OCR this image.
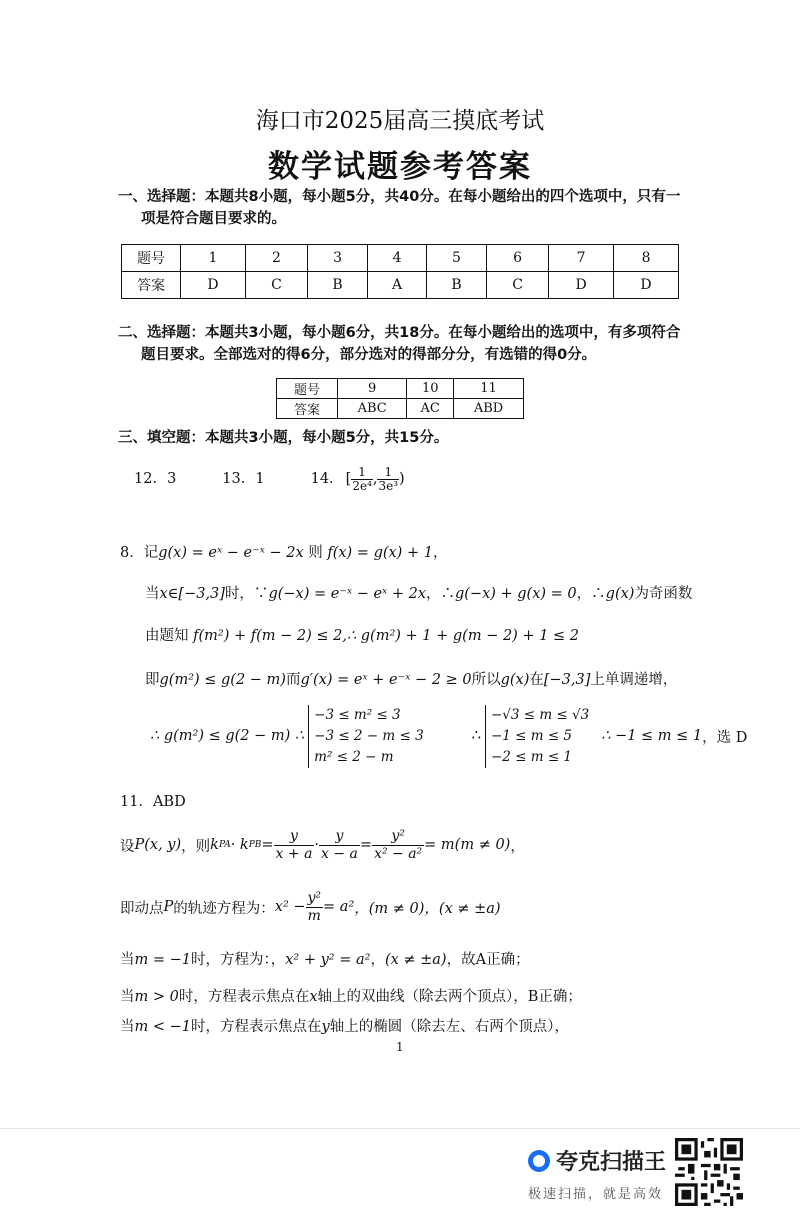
海口市2025届高三摸底考试
数学试题参考答案
一、选择题：本题共8小题，每小题5分，共40分。在每小题给出的四个选项中，只有一
项是符合题目要求的。
题号	1	2	3	4	5	6	7	8
答案	D	C	B	A	B	C	D	D
二、选择题：本题共3小题，每小题6分，共18分。在每小题给出的选项中，有多项符合
题目要求。全部选对的得6分，部分选对的得部分分，有选错的得0分。
题号	9	10	11
答案	ABC	AC	ABD
三、填空题：本题共3小题，每小题5分，共15分。
12. 3	13. 1	14. [ $\frac{1}{\text{2e⁴}}$ , $\frac{1}{\text{3e³}}$ )
8．记g(x) = eˣ − e⁻ˣ − 2x 则 f(x) = g(x) + 1，
当x∈[−3,3]时，∵g(−x) = e⁻ˣ − eˣ + 2x，∴g(−x) + g(x) = 0，∴g(x)为奇函数
由题知 f(m²) + f(m − 2) ≤ 2,∴ g(m²) + 1 + g(m − 2) + 1 ≤ 2
即g(m²) ≤ g(2 − m)而g′(x) = eˣ + e⁻ˣ − 2 ≥ 0所以g(x)在[−3,3]上单调递增，
∴ g(m²) ≤ g(2 − m) ∴
−3 ≤ m² ≤ 3
−3 ≤ 2 − m ≤ 3
m² ≤ 2 − m
∴
−√3 ≤ m ≤ √3
−1 ≤ m ≤ 5
−2 ≤ m ≤ 1
∴ −1 ≤ m ≤ 1 ，选 D
11．ABD
设 P(x, y) ，则 k PA · k PB = $\frac{y}{x + a} \cdot \frac{y}{x - a} = \frac{\text{y²}}{\text{x² − a²}} = m(m \ne 0)$ ，
即动点 P 的轨迹方程为： $x^2 - \frac{\text{y²}}{m} = a^2$ ，(m ≠ 0)，(x ≠ ±a)
当m = −1时，方程为：，x² + y² = a²，(x ≠ ±a)，故A正确；
当m > 0时，方程表示焦点在x轴上的双曲线（除去两个顶点），B正确；
当m < −1时，方程表示焦点在y轴上的椭圆（除去左、右两个顶点），
1
夸克扫描王
极速扫描，就是高效
